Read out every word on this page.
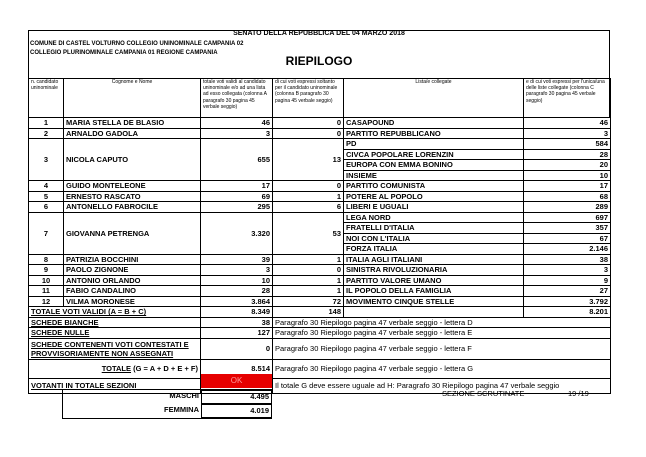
SENATO DELLA REPUBBLICA DEL 04 MARZO 2018
COMUNE DI CASTEL VOLTURNO COLLEGIO UNINOMINALE CAMPANIA 02
COLLEGIO PLURINOMINALE CAMPANIA 01 REGIONE CAMPANIA
RIEPILOGO
n. candidato uninominale	Cognome e Nome	totale voti validi al candidato uninominale e/o ad una lista ad esso collegata (colonna A paragrafo 30 pagina 45 verbale seggio)	di cui voti espressi soltanto per il candidato uninominale (colonna B paragrafo 30 pagina 45 verbale seggio)	Lista/e collegate	e di cui voti espressi per l'unica/una delle liste collegate (colonna C paragrafo 30 pagina 45 verbale seggio)
1	MARIA STELLA DE BLASIO	46	0	CASAPOUND	46
2	ARNALDO GADOLA	3	0	PARTITO REPUBBLICANO	3
3	NICOLA CAPUTO	655	13	PD	584
				CIVCA POPOLARE LORENZIN	28
				EUROPA CON EMMA BONINO	20
				INSIEME	10
4	GUIDO MONTELEONE	17	0	PARTITO COMUNISTA	17
5	ERNESTO RASCATO	69	1	POTERE AL POPOLO	68
6	ANTONELLO FABROCILE	295	6	LIBERI E UGUALI	289
7	GIOVANNA PETRENGA	3.320	53	LEGA NORD	697
				FRATELLI D'ITALIA	357
				NOI CON L'ITALIA	67
				FORZA ITALIA	2.146
8	PATRIZIA BOCCHINI	39	1	ITALIA AGLI ITALIANI	38
9	PAOLO ZIGNONE	3	0	SINISTRA RIVOLUZIONARIA	3
10	ANTONIO ORLANDO	10	1	PARTITO VALORE UMANO	9
11	FABIO CANDALINO	28	1	IL POPOLO DELLA FAMIGLIA	27
12	VILMA MORONESE	3.864	72	MOVIMENTO CINQUE STELLE	3.792
TOTALE VOTI VALIDI (A = B + C)		8.349	148		8.201
SCHEDE BIANCHE		38	Paragrafo 30 Riepilogo pagina 47 verbale seggio - lettera D		
SCHEDE NULLE		127	Paragrafo 30 Riepilogo pagina 47 verbale seggio - lettera E		

SCHEDE CONTENENTI VOTI CONTESTATI E
PROVVISORIAMENTE NON ASSEGNATI		0	Paragrafo 30 Riepilogo pagina 47 verbale seggio - lettera F		
TOTALE (G = A + D + E + F)		8.514	Paragrafo 30 Riepilogo pagina 47 verbale seggio - lettera G		
VOTANTI IN TOTALE SEZIONI			Il totale G deve essere uguale ad H: Paragrafo 30 Riepilogo pagina 47 verbale seggio		
OK
MASCHI	4.495
FEMMINA	4.019
SEZIONE SCRUTINATE	19 /19
